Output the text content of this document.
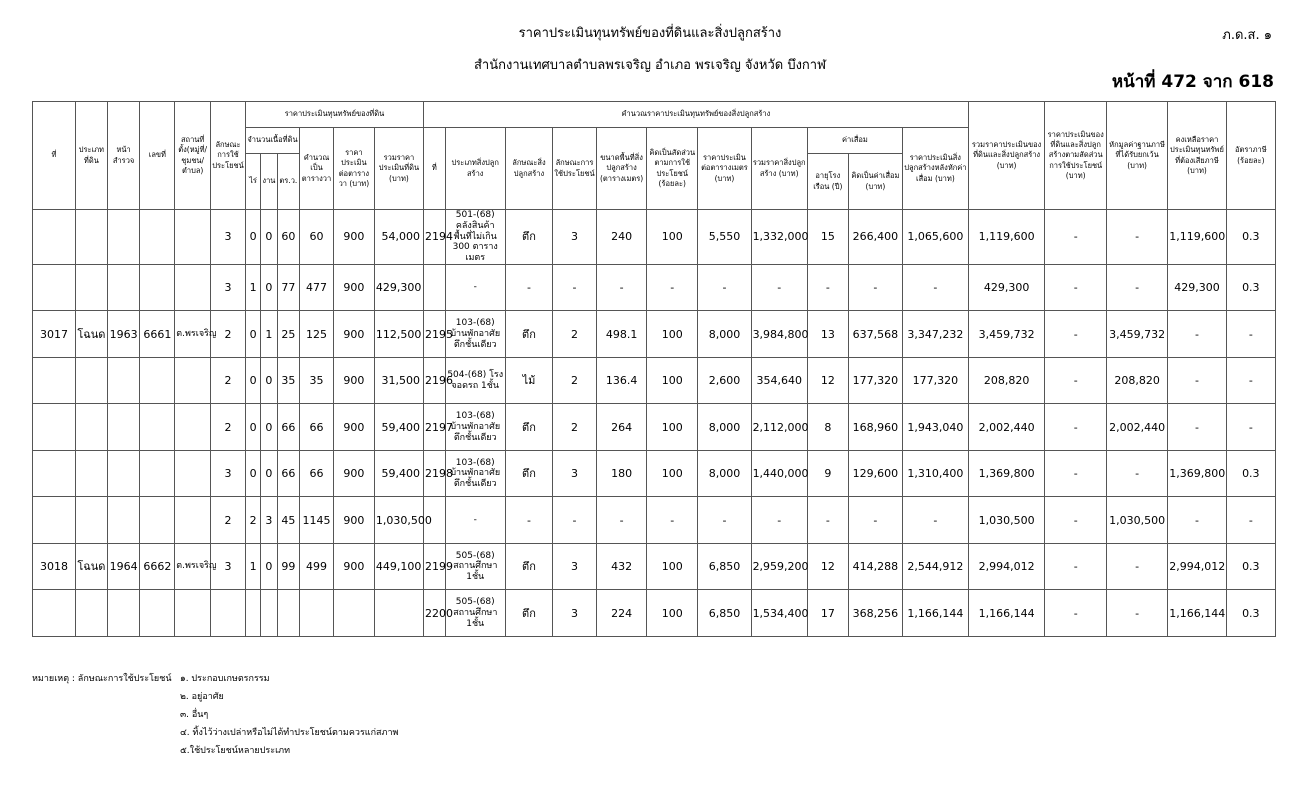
ราคาประเมินทุนทรัพย์ของที่ดินและสิ่งปลูกสร้าง
สำนักงานเทศบาลตำบลพรเจริญ อำเภอ พรเจริญ จังหวัด บึงกาฬ
ภ.ด.ส. ๑
หน้าที่ 472 จาก 618
ที่	ประเภทที่ดิน	หน้าสำรวจ	เลขที่	สถานที่ตั้ง(หมู่ที่/ชุมชน/ตำบล)	ลักษณะการใช้ประโยชน์	ราคาประเมินทุนทรัพย์ของที่ดิน						คำนวณราคาประเมินทุนทรัพย์ของสิ่งปลูกสร้าง											รวมราคาประเมินของที่ดินและสิ่งปลูกสร้าง (บาท)	ราคาประเมินของที่ดินและสิ่งปลูกสร้างตามสัดส่วนการใช้ประโยชน์ (บาท)	หักมูลค่าฐานภาษีที่ได้รับยกเว้น (บาท)	คงเหลือราคาประเมินทุนทรัพย์ที่ต้องเสียภาษี (บาท)	อัตราภาษี (ร้อยละ)
						จำนวนเนื้อที่ดิน			คำนวณเป็นตารางวา	ราคาประเมินต่อตารางวา (บาท)	รวมราคาประเมินที่ดิน (บาท)	ที่	ประเภทสิ่งปลูกสร้าง	ลักษณะสิ่งปลูกสร้าง	ลักษณะการใช้ประโยชน์	ขนาดพื้นที่สิ่งปลูกสร้าง (ตารางเมตร)	คิดเป็นสัดส่วนตามการใช้ประโยชน์ (ร้อยละ)	ราคาประเมินต่อตารางเมตร (บาท)	รวมราคาสิ่งปลูกสร้าง (บาท)	ค่าเสื่อม		ราคาประเมินสิ่งปลูกสร้างหลังหักค่าเสื่อม (บาท)					
						ไร่	งาน	ตร.ว.												อายุโรงเรือน (ปี)	คิดเป็นค่าเสื่อม (บาท)						
					3	0	0	60	60	900	54,000	2194	501-(68) คลังสินค้า พื้นที่ไม่เกิน 300 ตารางเมตร	ตึก	3	240	100	5,550	1,332,000	15	266,400	1,065,600	1,119,600	-	-	1,119,600	0.3
					3	1	0	77	477	900	429,300		-	-	-	-	-	-	-	-	-	-	429,300	-	-	429,300	0.3
3017	โฉนด	1963	6661	ต.พรเจริญ	2	0	1	25	125	900	112,500	2195	103-(68) บ้านพักอาศัยตึกชั้นเดียว	ตึก	2	498.1	100	8,000	3,984,800	13	637,568	3,347,232	3,459,732	-	3,459,732	-	-
					2	0	0	35	35	900	31,500	2196	504-(68) โรงจอดรถ 1ชั้น	ไม้	2	136.4	100	2,600	354,640	12	177,320	177,320	208,820	-	208,820	-	-
					2	0	0	66	66	900	59,400	2197	103-(68) บ้านพักอาศัยตึกชั้นเดียว	ตึก	2	264	100	8,000	2,112,000	8	168,960	1,943,040	2,002,440	-	2,002,440	-	-
					3	0	0	66	66	900	59,400	2198	103-(68) บ้านพักอาศัยตึกชั้นเดียว	ตึก	3	180	100	8,000	1,440,000	9	129,600	1,310,400	1,369,800	-	-	1,369,800	0.3
					2	2	3	45	1145	900	1,030,500		-	-	-	-	-	-	-	-	-	-	1,030,500	-	1,030,500	-	-
3018	โฉนด	1964	6662	ต.พรเจริญ	3	1	0	99	499	900	449,100	2199	505-(68) สถานศึกษา 1ชั้น	ตึก	3	432	100	6,850	2,959,200	12	414,288	2,544,912	2,994,012	-	-	2,994,012	0.3
												2200	505-(68) สถานศึกษา 1ชั้น	ตึก	3	224	100	6,850	1,534,400	17	368,256	1,166,144	1,166,144	-	-	1,166,144	0.3
หมายเหตุ : ลักษณะการใช้ประโยชน์ ๑. ประกอบเกษตรกรรม
๒. อยู่อาศัย
๓. อื่นๆ
๔. ทิ้งไว้ว่างเปล่าหรือไม่ได้ทำประโยชน์ตามควรแก่สภาพ
๕.ใช้ประโยชน์หลายประเภท
